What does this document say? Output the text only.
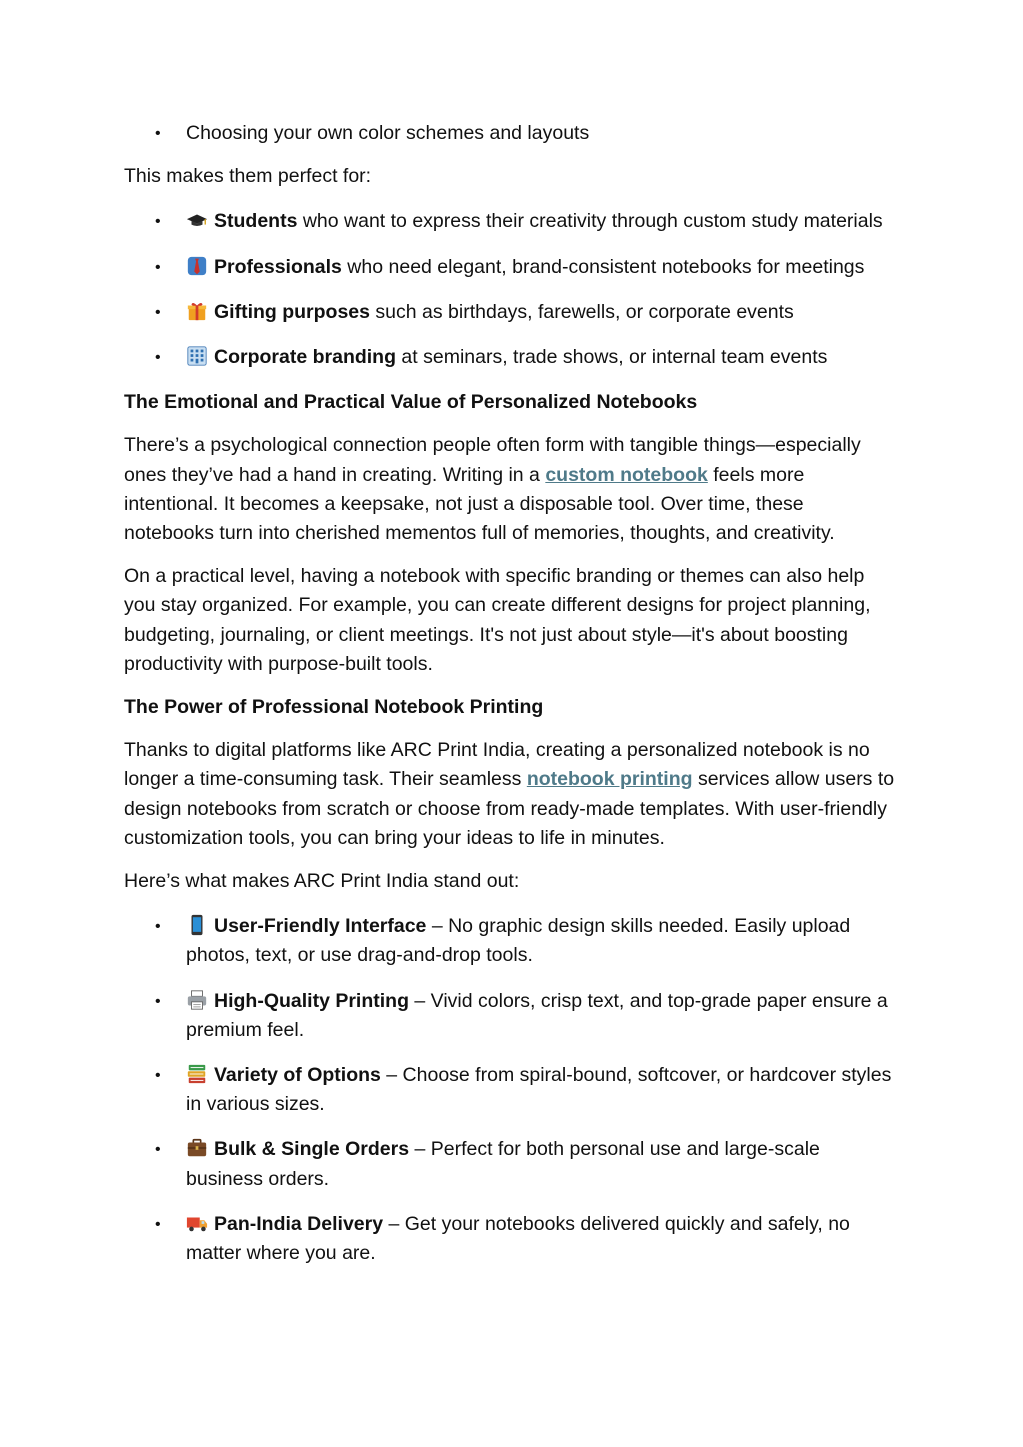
• Choosing your own color schemes and layouts

This makes them perfect for:

•	Students who want to express their creativity through custom study materials
•	Professionals who need elegant, brand-consistent notebooks for meetings
•	Gifting purposes such as birthdays, farewells, or corporate events
•	Corporate branding at seminars, trade shows, or internal team events

The Emotional and Practical Value of Personalized Notebooks

There’s a psychological connection people often form with tangible things—especially ones they’ve had a hand in creating. Writing in a custom notebook feels more intentional. It becomes a keepsake, not just a disposable tool. Over time, these notebooks turn into cherished mementos full of memories, thoughts, and creativity.

On a practical level, having a notebook with specific branding or themes can also help you stay organized. For example, you can create different designs for project planning, budgeting, journaling, or client meetings. It's not just about style—it's about boosting productivity with purpose-built tools.

The Power of Professional Notebook Printing

Thanks to digital platforms like ARC Print India, creating a personalized notebook is no longer a time-consuming task. Their seamless notebook printing services allow users to design notebooks from scratch or choose from ready-made templates. With user-friendly customization tools, you can bring your ideas to life in minutes.

Here’s what makes ARC Print India stand out:

•	User-Friendly Interface – No graphic design skills needed. Easily upload photos, text, or use drag-and-drop tools.
•	High-Quality Printing – Vivid colors, crisp text, and top-grade paper ensure a premium feel.
•	Variety of Options – Choose from spiral-bound, softcover, or hardcover styles in various sizes.
•	Bulk & Single Orders – Perfect for both personal use and large-scale business orders.
•	Pan-India Delivery – Get your notebooks delivered quickly and safely, no matter where you are.
